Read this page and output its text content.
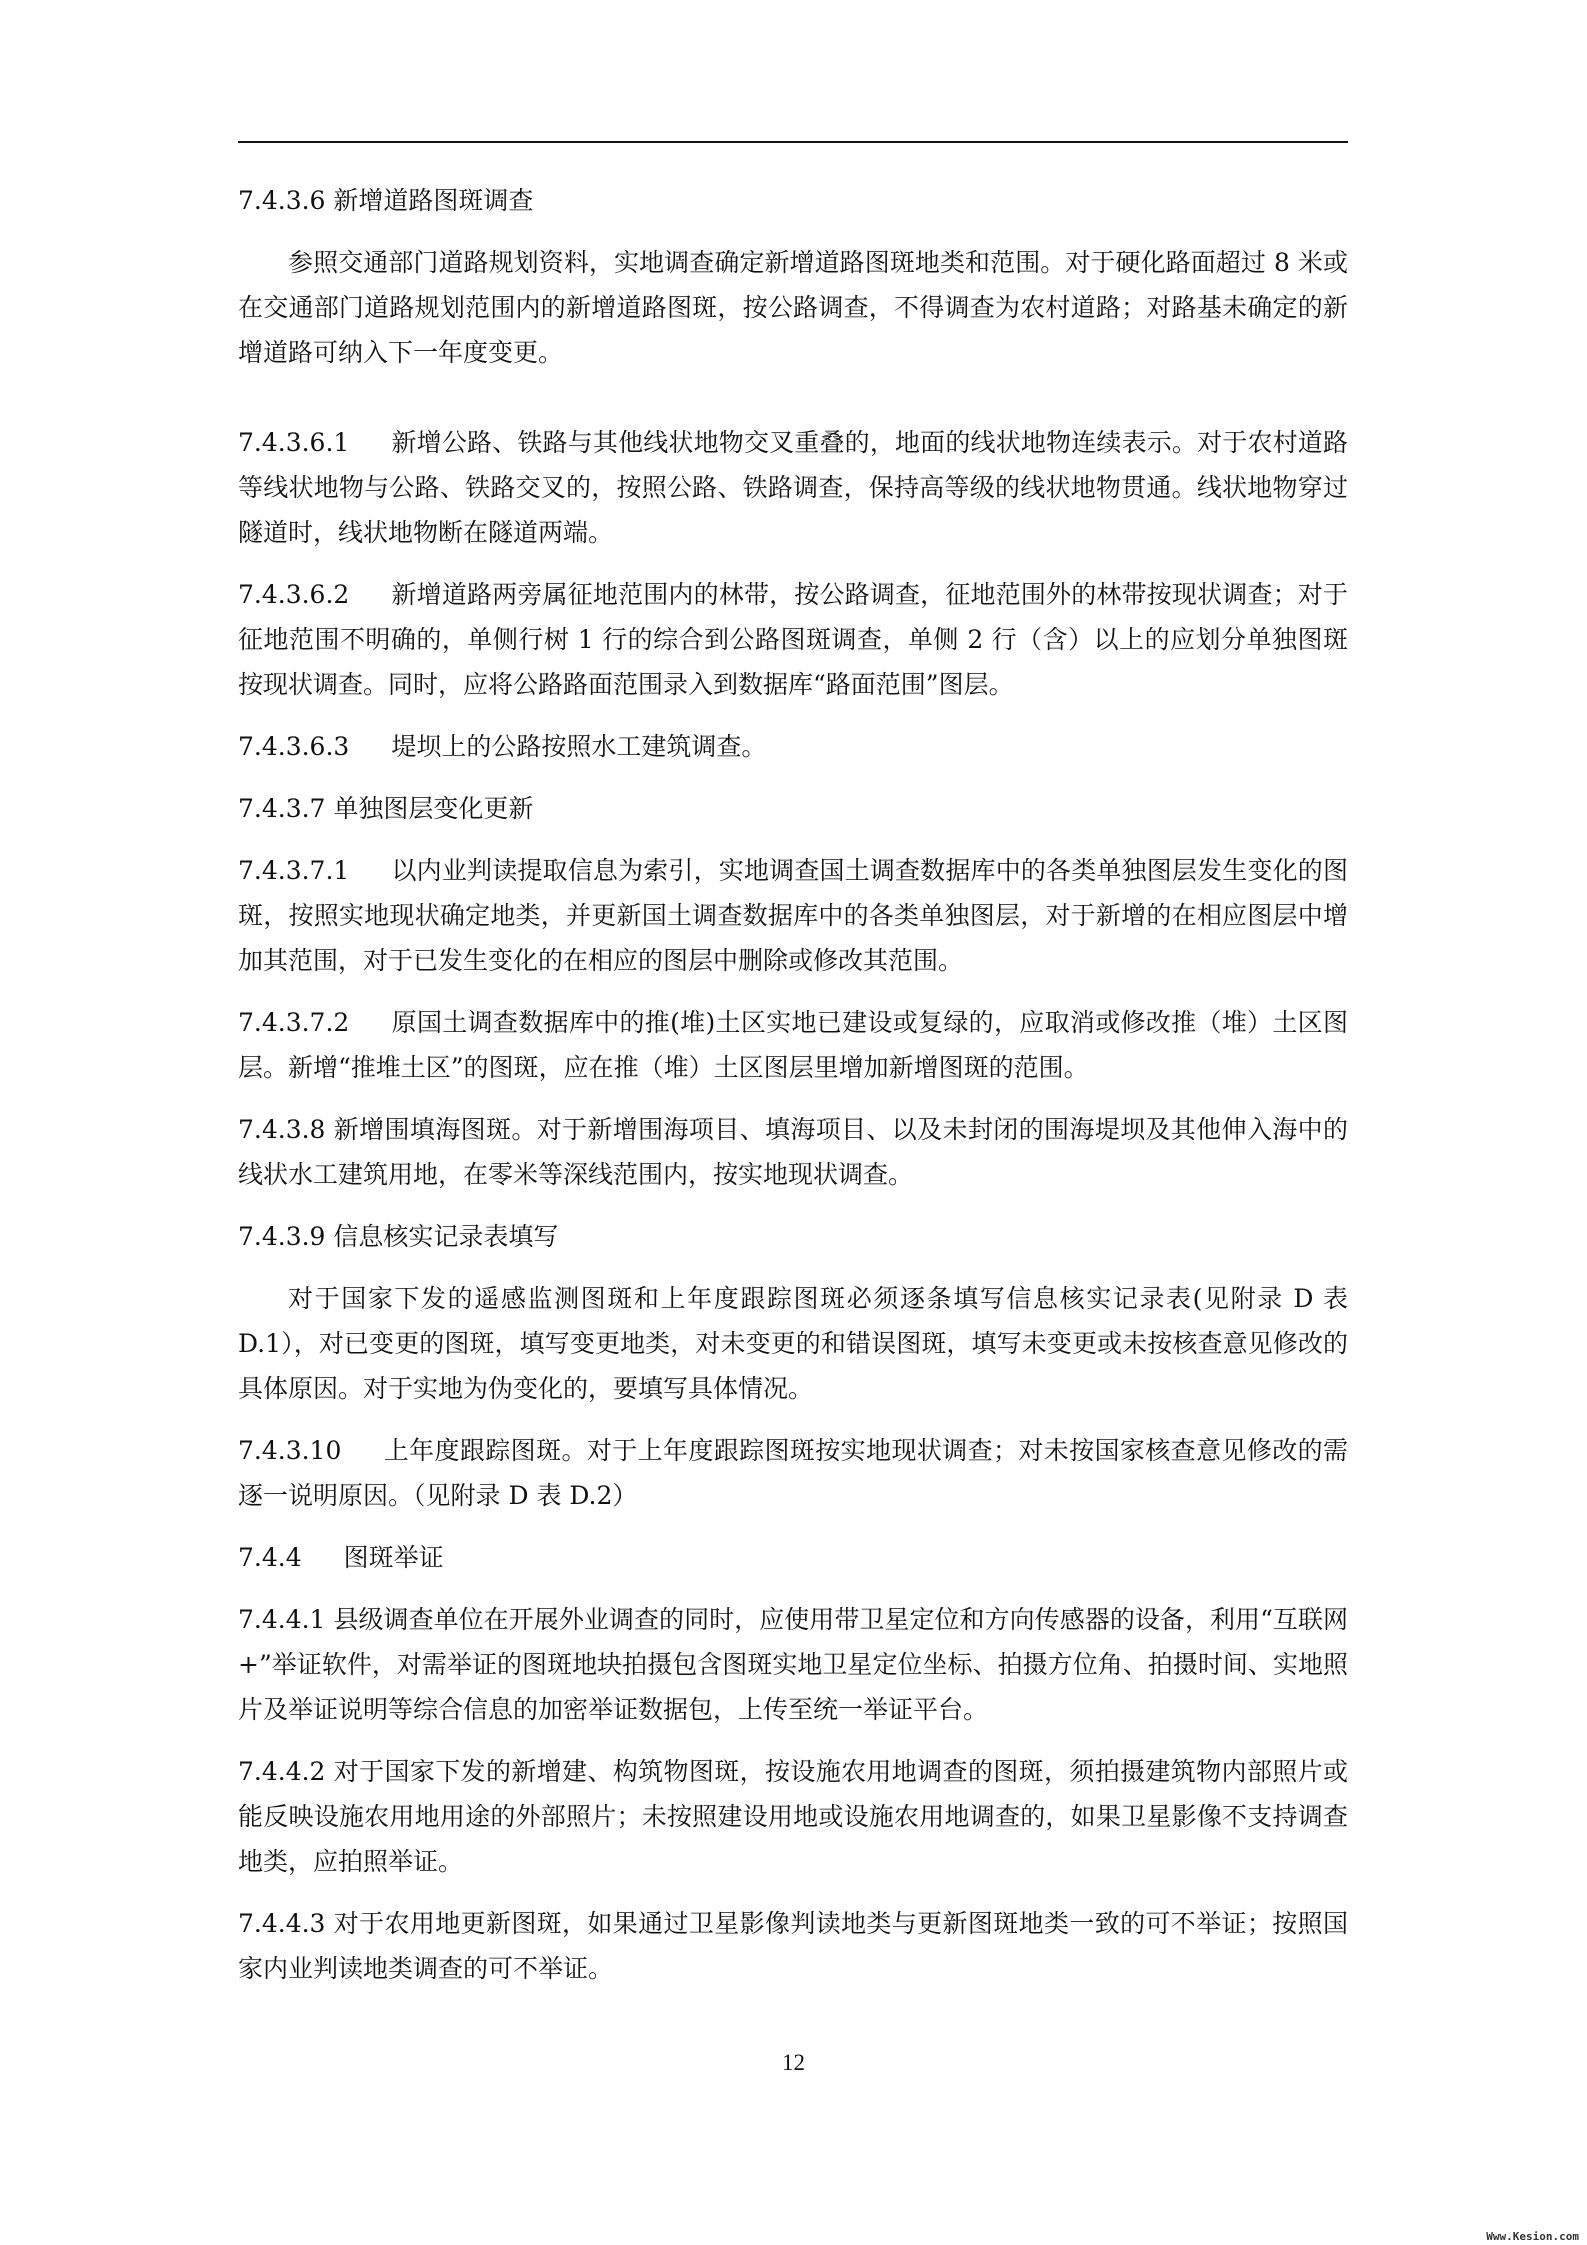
7.4.3.6 新增道路图斑调查

参照交通部门道路规划资料，实地调查确定新增道路图斑地类和范围。对于硬化路面超过 8 米或在交通部门道路规划范围内的新增道路图斑，按公路调查，不得调查为农村道路；对路基未确定的新增道路可纳入下一年度变更。

7.4.3.6.1 新增公路、铁路与其他线状地物交叉重叠的，地面的线状地物连续表示。对于农村道路等线状地物与公路、铁路交叉的，按照公路、铁路调查，保持高等级的线状地物贯通。线状地物穿过隧道时，线状地物断在隧道两端。

7.4.3.6.2 新增道路两旁属征地范围内的林带，按公路调查，征地范围外的林带按现状调查；对于征地范围不明确的，单侧行树 1 行的综合到公路图斑调查，单侧 2 行（含）以上的应划分单独图斑按现状调查。同时，应将公路路面范围录入到数据库“路面范围”图层。

7.4.3.6.3 堤坝上的公路按照水工建筑调查。

7.4.3.7 单独图层变化更新

7.4.3.7.1 以内业判读提取信息为索引，实地调查国土调查数据库中的各类单独图层发生变化的图斑，按照实地现状确定地类，并更新国土调查数据库中的各类单独图层，对于新增的在相应图层中增加其范围，对于已发生变化的在相应的图层中删除或修改其范围。

7.4.3.7.2 原国土调查数据库中的推(堆)土区实地已建设或复绿的，应取消或修改推（堆）土区图层。新增“推堆土区”的图斑，应在推（堆）土区图层里增加新增图斑的范围。

7.4.3.8 新增围填海图斑。对于新增围海项目、填海项目、以及未封闭的围海堤坝及其他伸入海中的线状水工建筑用地，在零米等深线范围内，按实地现状调查。

7.4.3.9 信息核实记录表填写

对于国家下发的遥感监测图斑和上年度跟踪图斑必须逐条填写信息核实记录表(见附录 D 表 D.1），对已变更的图斑，填写变更地类，对未变更的和错误图斑，填写未变更或未按核查意见修改的具体原因。对于实地为伪变化的，要填写具体情况。

7.4.3.10 上年度跟踪图斑。对于上年度跟踪图斑按实地现状调查；对未按国家核查意见修改的需逐一说明原因。（见附录 D 表 D.2）

7.4.4 图斑举证

7.4.4.1 县级调查单位在开展外业调查的同时，应使用带卫星定位和方向传感器的设备，利用“互联网+”举证软件，对需举证的图斑地块拍摄包含图斑实地卫星定位坐标、拍摄方位角、拍摄时间、实地照片及举证说明等综合信息的加密举证数据包，上传至统一举证平台。

7.4.4.2 对于国家下发的新增建、构筑物图斑，按设施农用地调查的图斑，须拍摄建筑物内部照片或能反映设施农用地用途的外部照片；未按照建设用地或设施农用地调查的，如果卫星影像不支持调查地类，应拍照举证。

7.4.4.3 对于农用地更新图斑，如果通过卫星影像判读地类与更新图斑地类一致的可不举证；按照国家内业判读地类调查的可不举证。

12
Www.Kesion.com
